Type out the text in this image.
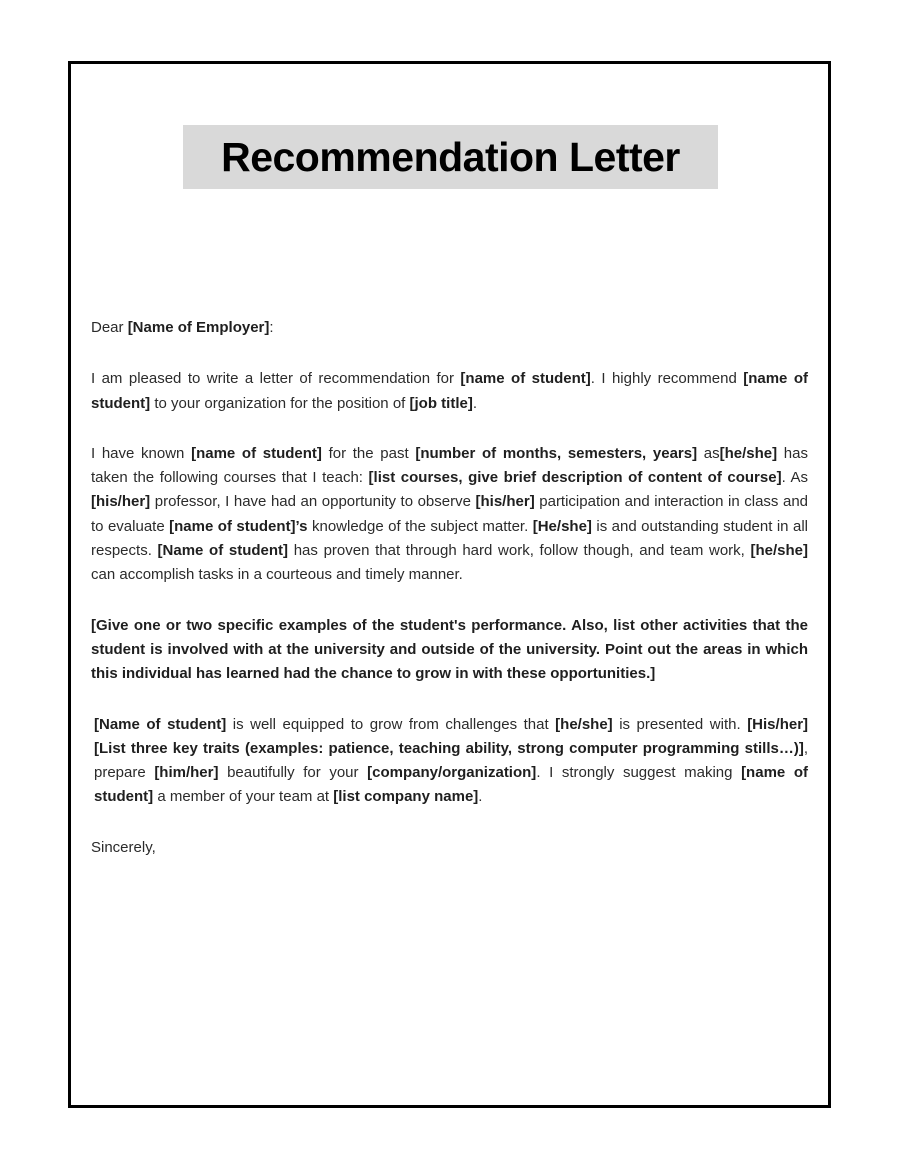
Recommendation Letter

Dear [Name of Employer]:

I am pleased to write a letter of recommendation for [name of student]. I highly recommend [name of student] to your organization for the position of [job title].

I have known [name of student] for the past [number of months, semesters, years] as[he/she] has taken the following courses that I teach: [list courses, give brief description of content of course]. As [his/her] professor, I have had an opportunity to observe [his/her] participation and interaction in class and to evaluate [name of student]’s knowledge of the subject matter. [He/she] is and outstanding student in all respects. [Name of student] has proven that through hard work, follow though, and team work, [he/she] can accomplish tasks in a courteous and timely manner.

[Give one or two specific examples of the student's performance. Also, list other activities that the student is involved with at the university and outside of the university. Point out the areas in which this individual has learned had the chance to grow in with these opportunities.]

[Name of student] is well equipped to grow from challenges that [he/she] is presented with. [His/her] [List three key traits (examples: patience, teaching ability, strong computer programming stills…)], prepare [him/her] beautifully for your [company/organization]. I strongly suggest making [name of student] a member of your team at [list company name].

Sincerely,
